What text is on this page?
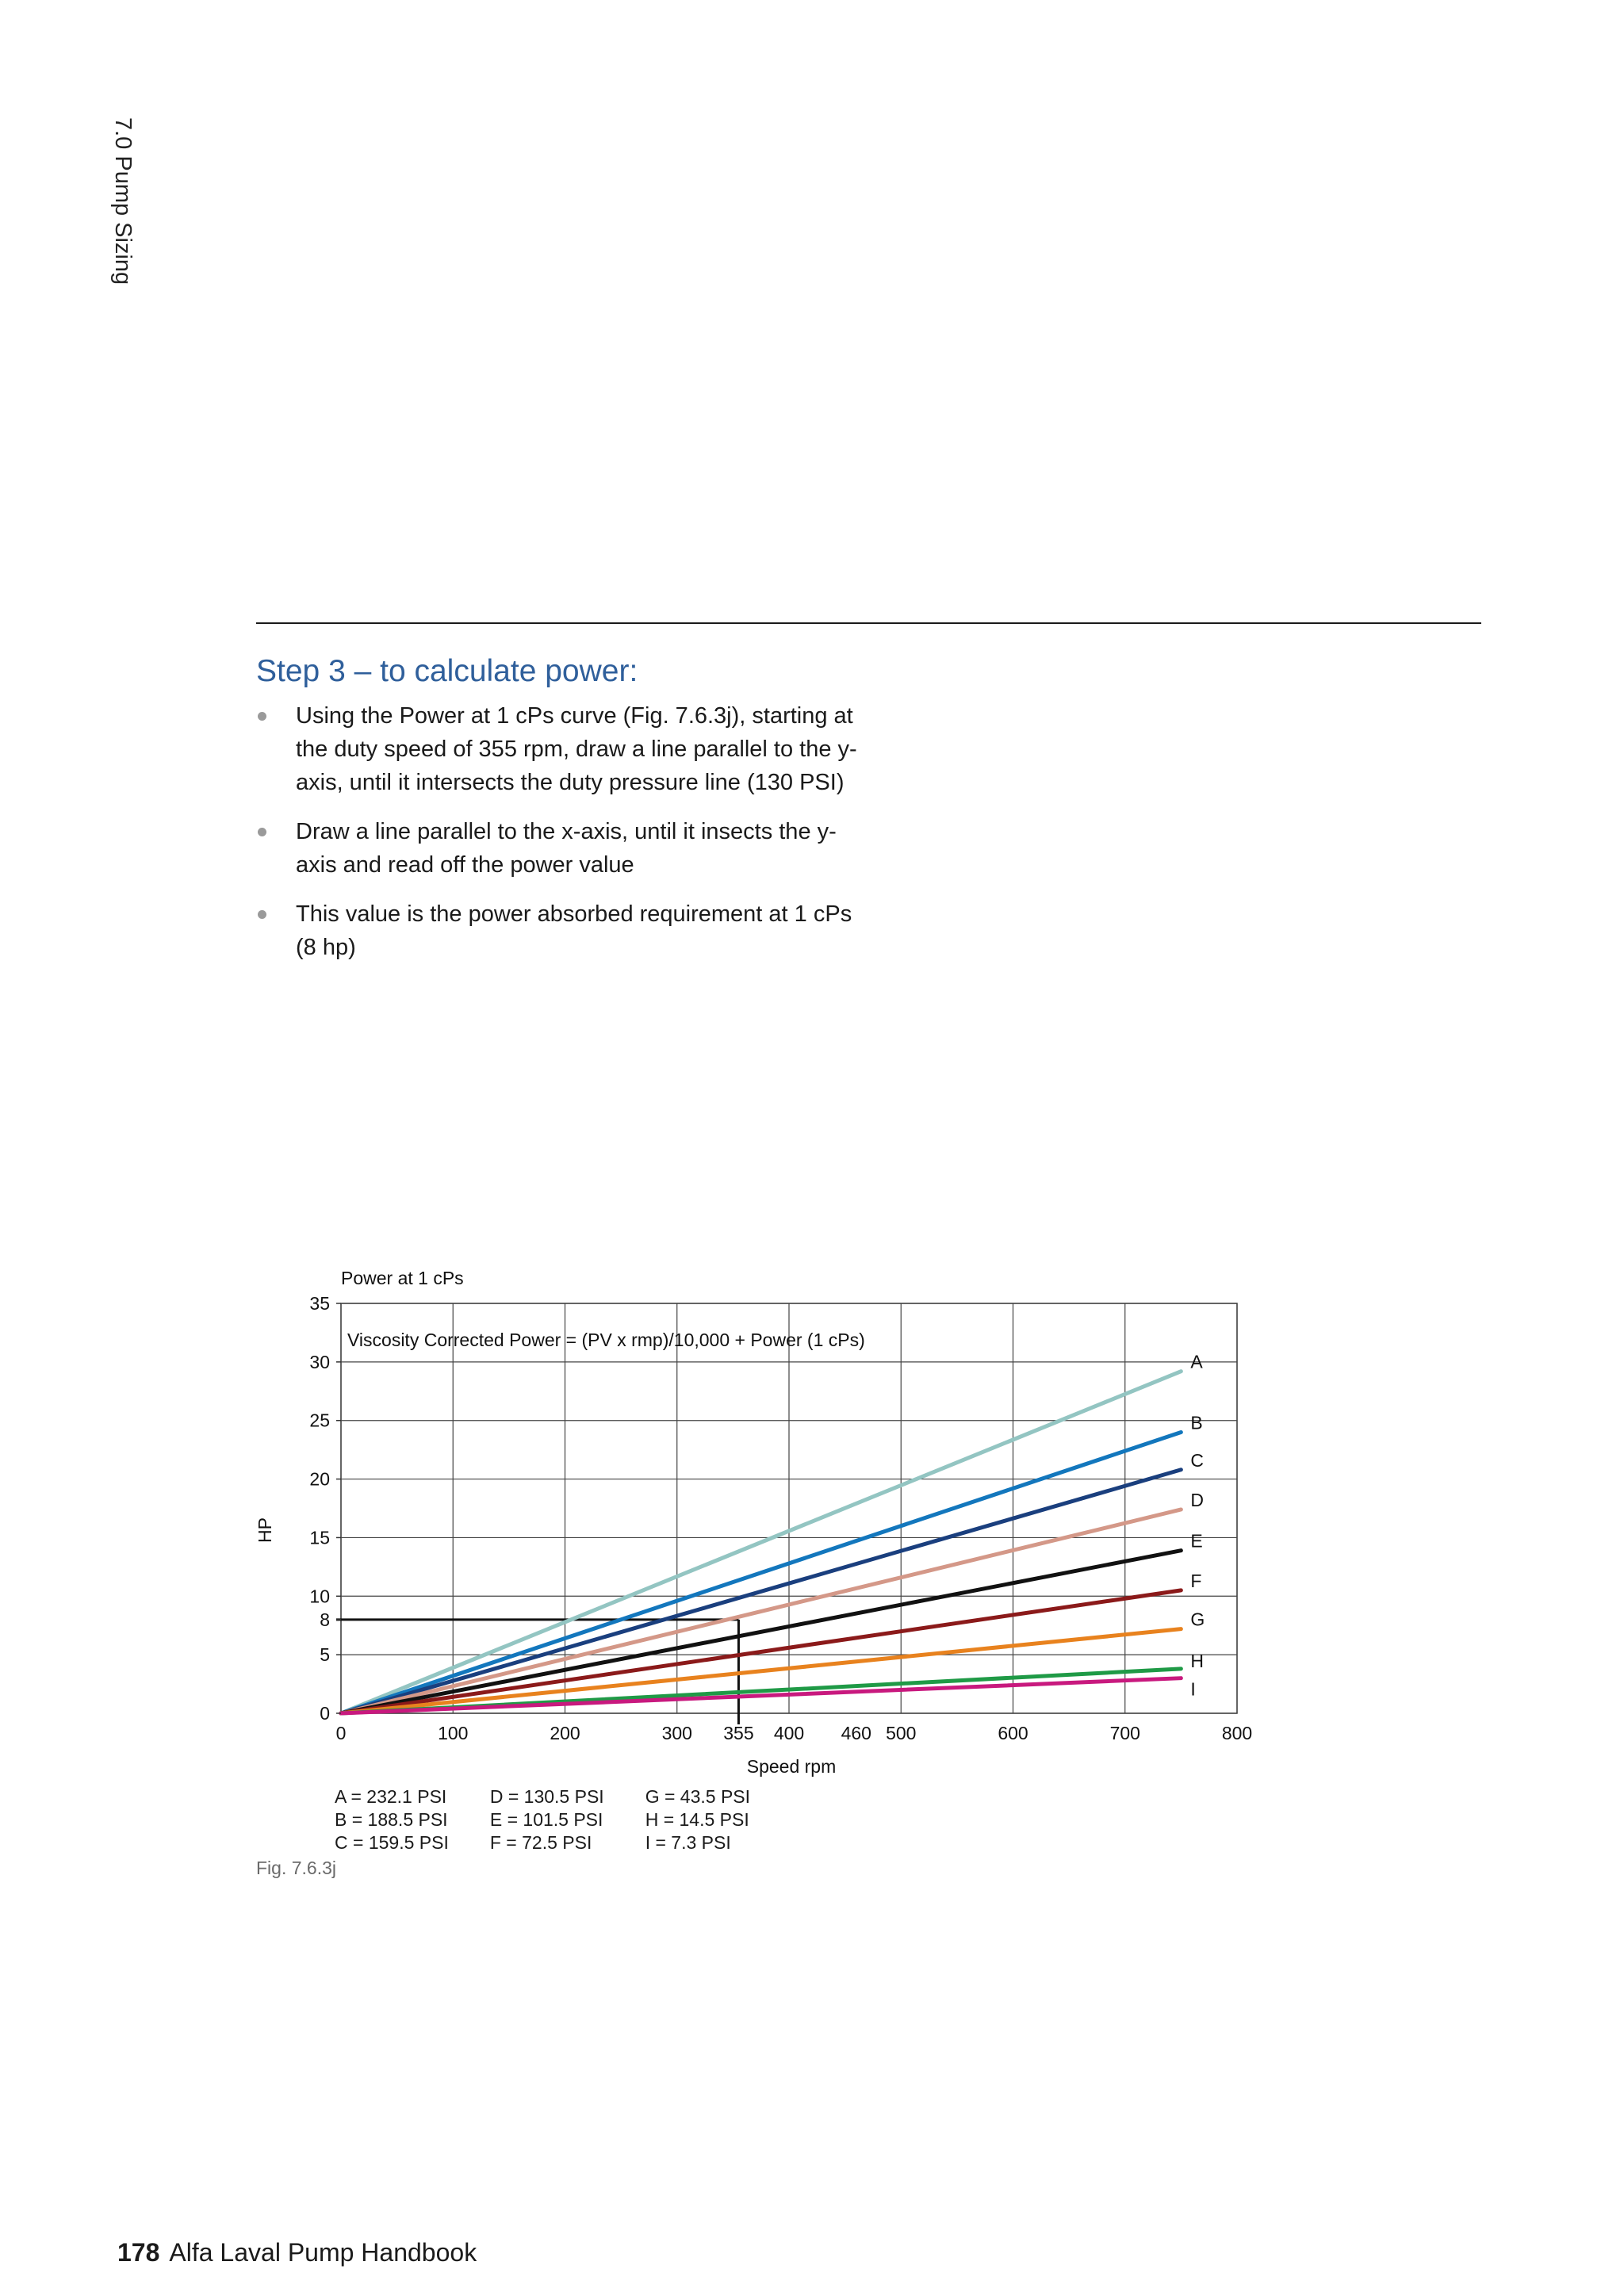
7.0 Pump Sizing
Step 3 – to calculate power:
Using the Power at 1 cPs curve (Fig. 7.6.3j), starting at the duty speed of 355 rpm, draw a line parallel to the y-axis, until it intersects the duty pressure line (130 PSI)
Draw a line parallel to the x-axis, until it insects the y-axis and read off the power value
This value is the power absorbed requirement at 1 cPs (8 hp)
Power at 1 cPs
A
B
C
D
E
F
G
H
I
0	100	200	300 355 400 460 500	600	700	800
0
5
8
10
15
20
25
30
35
Viscosity Corrected Power = (PV x rmp)/10,000 + Power (1 cPs)
Speed rpm
HP
A = 232.1 PSI
B = 188.5 PSI
C = 159.5 PSI
D = 130.5 PSI
E = 101.5 PSI
F = 72.5 PSI
G = 43.5 PSI
H = 14.5 PSI
I = 7.3 PSI
Fig. 7.6.3j
178 Alfa Laval Pump Handbook
